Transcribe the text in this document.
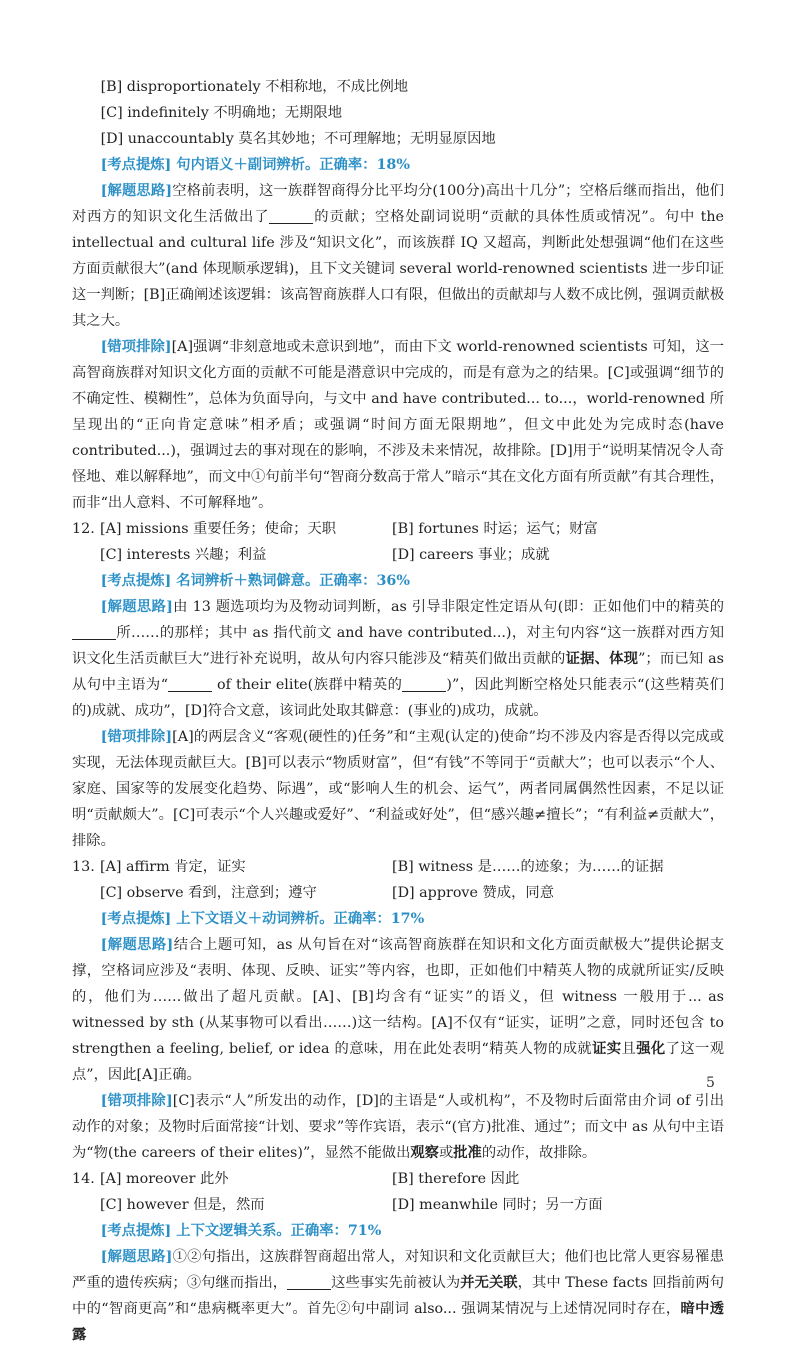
[B] disproportionately 不相称地，不成比例地
[C] indefinitely 不明确地；无期限地
[D] unaccountably 莫名其妙地；不可理解地；无明显原因地
[考点提炼] 句内语义＋副词辨析。正确率：18%

[解题思路]空格前表明，这一族群智商得分比平均分(100分)高出十几分”；空格后继而指出，他们对西方的知识文化生活做出了	的贡献；空格处副词说明“贡献的具体性质或情况”。句中 the intellectual and cultural life 涉及“知识文化”，而该族群 IQ 又超高，判断此处想强调“他们在这些方面贡献很大”(and 体现顺承逻辑)，且下文关键词 several world-renowned scientists 进一步印证这一判断；[B]正确阐述该逻辑：该高智商族群人口有限，但做出的贡献却与人数不成比例，强调贡献极其之大。

[错项排除][A]强调“非刻意地或未意识到地”，而由下文 world-renowned scientists 可知，这一高智商族群对知识文化方面的贡献不可能是潜意识中完成的，而是有意为之的结果。[C]或强调“细节的不确定性、模糊性”，总体为负面导向，与文中 and have contributed... to...，world-renowned 所呈现出的“正向肯定意味”相矛盾；或强调“时间方面无限期地”，但文中此处为完成时态(have contributed...)，强调过去的事对现在的影响，不涉及未来情况，故排除。[D]用于“说明某情况令人奇怪地、难以解释地”，而文中①句前半句“智商分数高于常人”暗示“其在文化方面有所贡献”有其合理性，而非“出人意料、不可解释地”。

12. [A] missions 重要任务；使命；天职	[B] fortunes 时运；运气；财富
[C] interests 兴趣；利益	[D] careers 事业；成就
[考点提炼] 名词辨析＋熟词僻意。正确率：36%

[解题思路]由 13 题选项均为及物动词判断，as 引导非限定性定语从句(即：正如他们中的精英的所……的那样；其中 as 指代前文 and have contributed...)，对主句内容“这一族群对西方知识文化生活贡献巨大”进行补充说明，故从句内容只能涉及“精英们做出贡献的证据、体现”；而已知 as 从句中主语为“	of their elite(族群中精英的	)”，因此判断空格处只能表示“(这些精英们的)成就、成功”，[D]符合文意，该词此处取其僻意：(事业的)成功，成就。

[错项排除][A]的两层含义“客观(硬性的)任务”和“主观(认定的)使命”均不涉及内容是否得以完成或实现，无法体现贡献巨大。[B]可以表示“物质财富”，但“有钱”不等同于“贡献大”；也可以表示“个人、家庭、国家等的发展变化趋势、际遇”，或“影响人生的机会、运气”，两者同属偶然性因素，不足以证明“贡献颇大”。[C]可表示“个人兴趣或爱好”、“利益或好处”，但“感兴趣≠擅长”；“有利益≠贡献大”，排除。

13. [A] affirm 肯定，证实	[B] witness 是……的迹象；为……的证据
[C] observe 看到，注意到；遵守	[D] approve 赞成，同意
[考点提炼] 上下文语义＋动词辨析。正确率：17%

[解题思路]结合上题可知，as 从句旨在对“该高智商族群在知识和文化方面贡献极大”提供论据支撑，空格词应涉及“表明、体现、反映、证实”等内容，也即，正如他们中精英人物的成就所证实/反映的，他们为……做出了超凡贡献。[A]、[B]均含有“证实”的语义，但 witness 一般用于... as witnessed by sth (从某事物可以看出……)这一结构。[A]不仅有“证实，证明”之意，同时还包含 to strengthen a feeling, belief, or idea 的意味，用在此处表明“精英人物的成就证实且强化了这一观点”，因此[A]正确。

[错项排除][C]表示“人”所发出的动作，[D]的主语是“人或机构”，不及物时后面常由介词 of 引出动作的对象；及物时后面常接“计划、要求”等作宾语，表示“(官方)批准、通过”；而文中 as 从句中主语为“物(the careers of their elites)”，显然不能做出观察或批准的动作，故排除。

14. [A] moreover 此外	[B] therefore 因此
[C] however 但是，然而	[D] meanwhile 同时；另一方面
[考点提炼] 上下文逻辑关系。正确率：71%

[解题思路]①②句指出，这族群智商超出常人，对知识和文化贡献巨大；他们也比常人更容易罹患严重的遗传疾病；③句继而指出，	这些事实先前被认为并无关联，其中 These facts 回指前两句中的“智商更高”和“患病概率更大”。首先②句中副词 also... 强调某情况与上述情况同时存在，暗中透露

5
